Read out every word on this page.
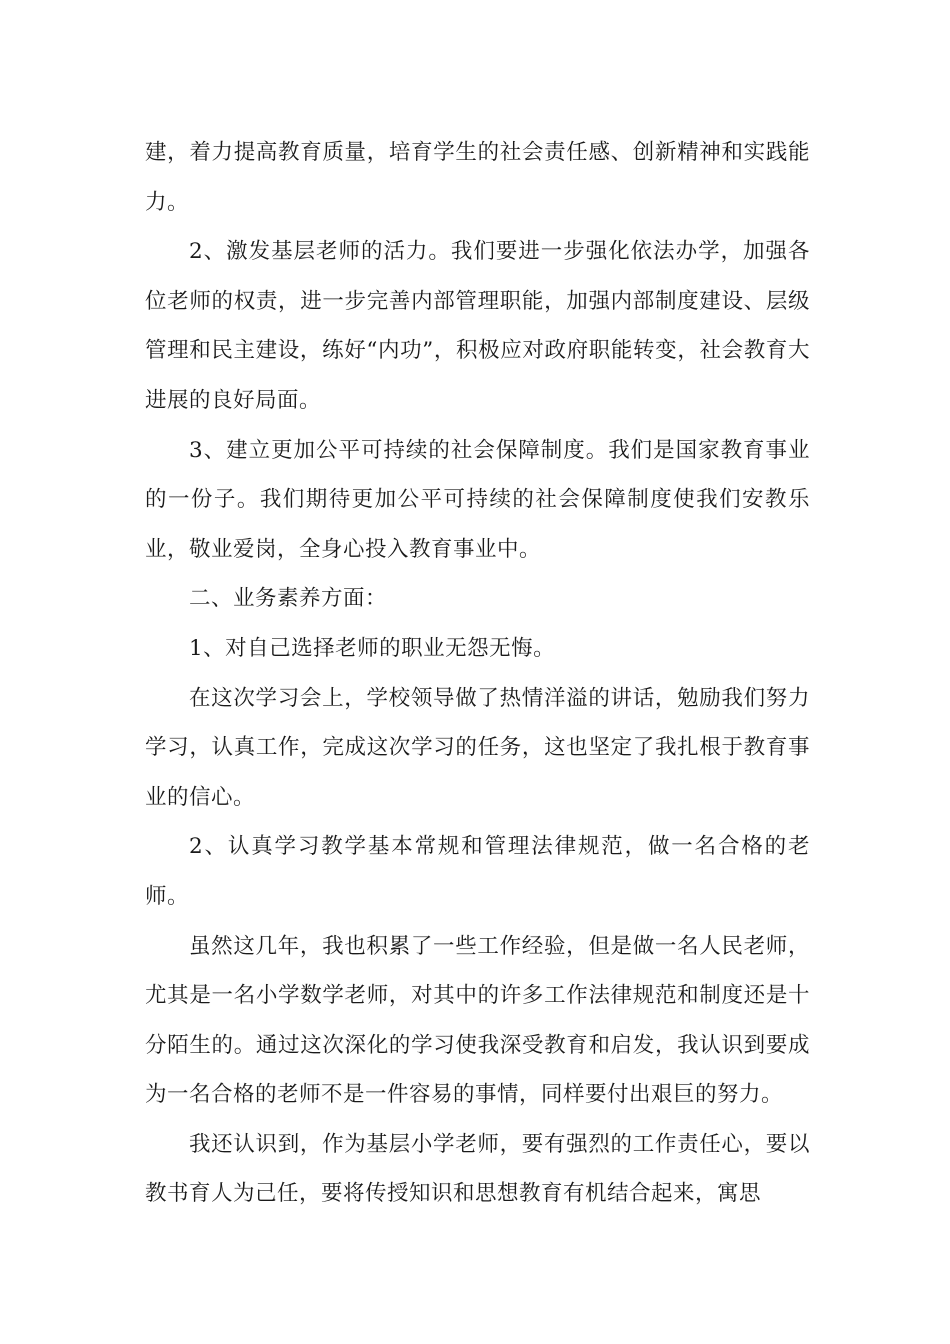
建，着力提高教育质量，培育学生的社会责任感、创新精神和实践能力。

2、激发基层老师的活力。我们要进一步强化依法办学，加强各位老师的权责，进一步完善内部管理职能，加强内部制度建设、层级管理和民主建设，练好“内功”，积极应对政府职能转变，社会教育大进展的良好局面。

3、建立更加公平可持续的社会保障制度。我们是国家教育事业的一份子。我们期待更加公平可持续的社会保障制度使我们安教乐业，敬业爱岗，全身心投入教育事业中。

二、业务素养方面：

1、对自己选择老师的职业无怨无悔。

在这次学习会上，学校领导做了热情洋溢的讲话，勉励我们努力学习，认真工作，完成这次学习的任务，这也坚定了我扎根于教育事业的信心。

2、认真学习教学基本常规和管理法律规范，做一名合格的老师。

虽然这几年，我也积累了一些工作经验，但是做一名人民老师，尤其是一名小学数学老师，对其中的许多工作法律规范和制度还是十分陌生的。通过这次深化的学习使我深受教育和启发，我认识到要成为一名合格的老师不是一件容易的事情，同样要付出艰巨的努力。

我还认识到，作为基层小学老师，要有强烈的工作责任心，要以教书育人为己任，要将传授知识和思想教育有机结合起来，寓思
